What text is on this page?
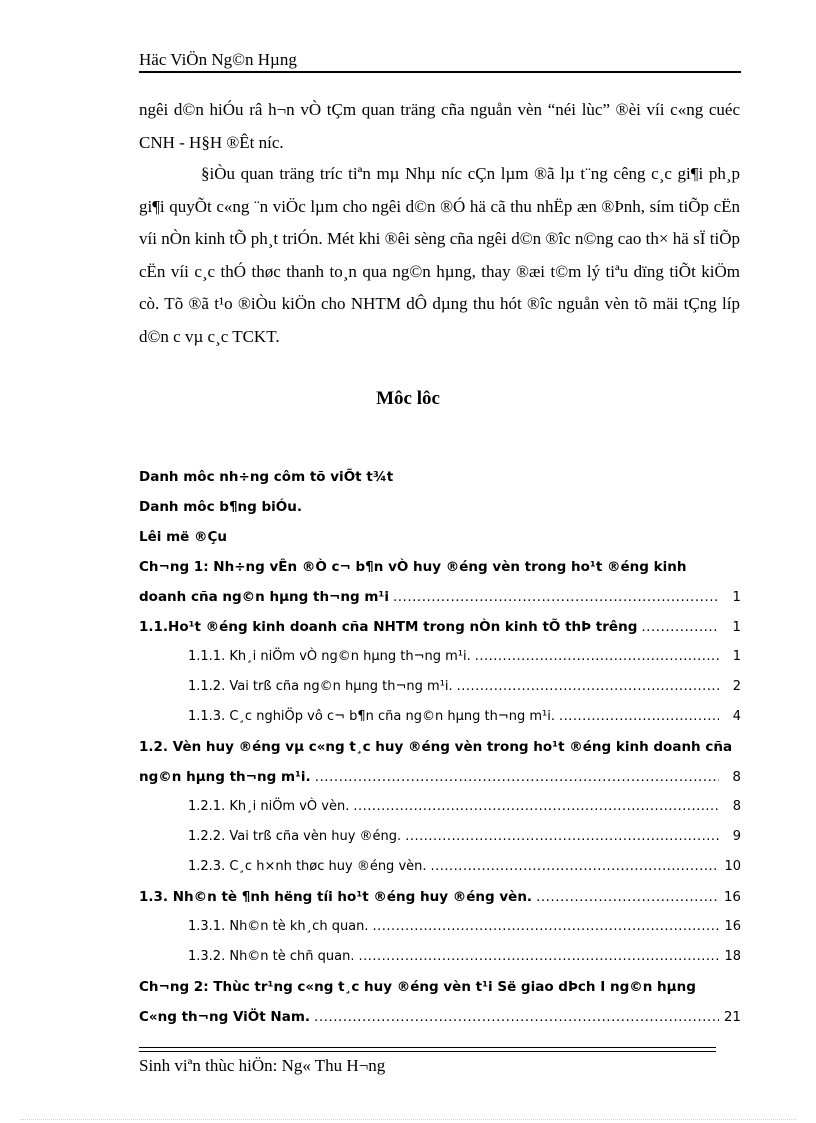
Häc ViÖn Ng©n Hµng
ngêi d©n hiÓu râ h¬n vÒ tÇm quan träng cña nguån vèn “néi lùc” ®èi víi c«ng cuéc CNH - H§H ®Êt níc.
§iÒu quan träng tríc tiªn mµ Nhµ níc cÇn lµm ®ã lµ t¨ng cêng c¸c gi¶i ph¸p gi¶i quyÕt c«ng ¨n viÖc lµm cho ngêi d©n ®Ó hä cã thu nhËp æn ®Þnh, sím tiÕp cËn víi nÒn kinh tÕ ph¸t triÓn. Mét khi ®êi sèng cña ngêi d©n ®îc n©ng cao th× hä sÏ tiÕp cËn víi c¸c thÓ thøc thanh to¸n qua ng©n hµng, thay ®æi t©m lý tiªu dïng tiÕt kiÖm cò. Tõ ®ã t¹o ®iÒu kiÖn cho NHTM dÔ dµng thu hót ®îc nguån vèn tõ mäi tÇng líp d©n c vµ c¸c TCKT.
Môc lôc
Danh môc nh÷ng côm tõ viÕt t¾t
Danh môc b¶ng biÓu.
Lêi më ®Çu
Ch¬ng 1: Nh÷ng vÊn ®Ò c¬ b¶n vÒ huy ®éng vèn trong ho¹t ®éng kinh
doanh cña ng©n hµng th¬ng m¹i .....	1
1.1.Ho¹t ®éng kinh doanh cña NHTM trong nÒn kinh tÕ thÞ trêng .....	1
1.1.1. Kh¸i niÖm vÒ ng©n hµng th¬ng m¹i. .....	1
1.1.2. Vai trß cña ng©n hµng th¬ng m¹i. .....	2
1.1.3. C¸c nghiÖp vô c¬ b¶n cña ng©n hµng th¬ng m¹i. .....	4
1.2. Vèn huy ®éng vµ c«ng t¸c huy ®éng vèn trong ho¹t ®éng kinh doanh cña
ng©n hµng th¬ng m¹i. .....	8
1.2.1. Kh¸i niÖm vÒ vèn. .....	8
1.2.2. Vai trß cña vèn huy ®éng. .....	9
1.2.3. C¸c h×nh thøc huy ®éng vèn. .....	10
1.3. Nh©n tè ¶nh hëng tíi ho¹t ®éng huy ®éng vèn. .....	16
1.3.1. Nh©n tè kh¸ch quan. .....	16
1.3.2. Nh©n tè chñ quan. .....	18
Ch¬ng 2: Thùc tr¹ng c«ng t¸c huy ®éng vèn t¹i Së giao dÞch I ng©n hµng
C«ng th¬ng ViÖt Nam. .....	21
Sinh viªn thùc hiÖn: Ng« Thu H¬ng
